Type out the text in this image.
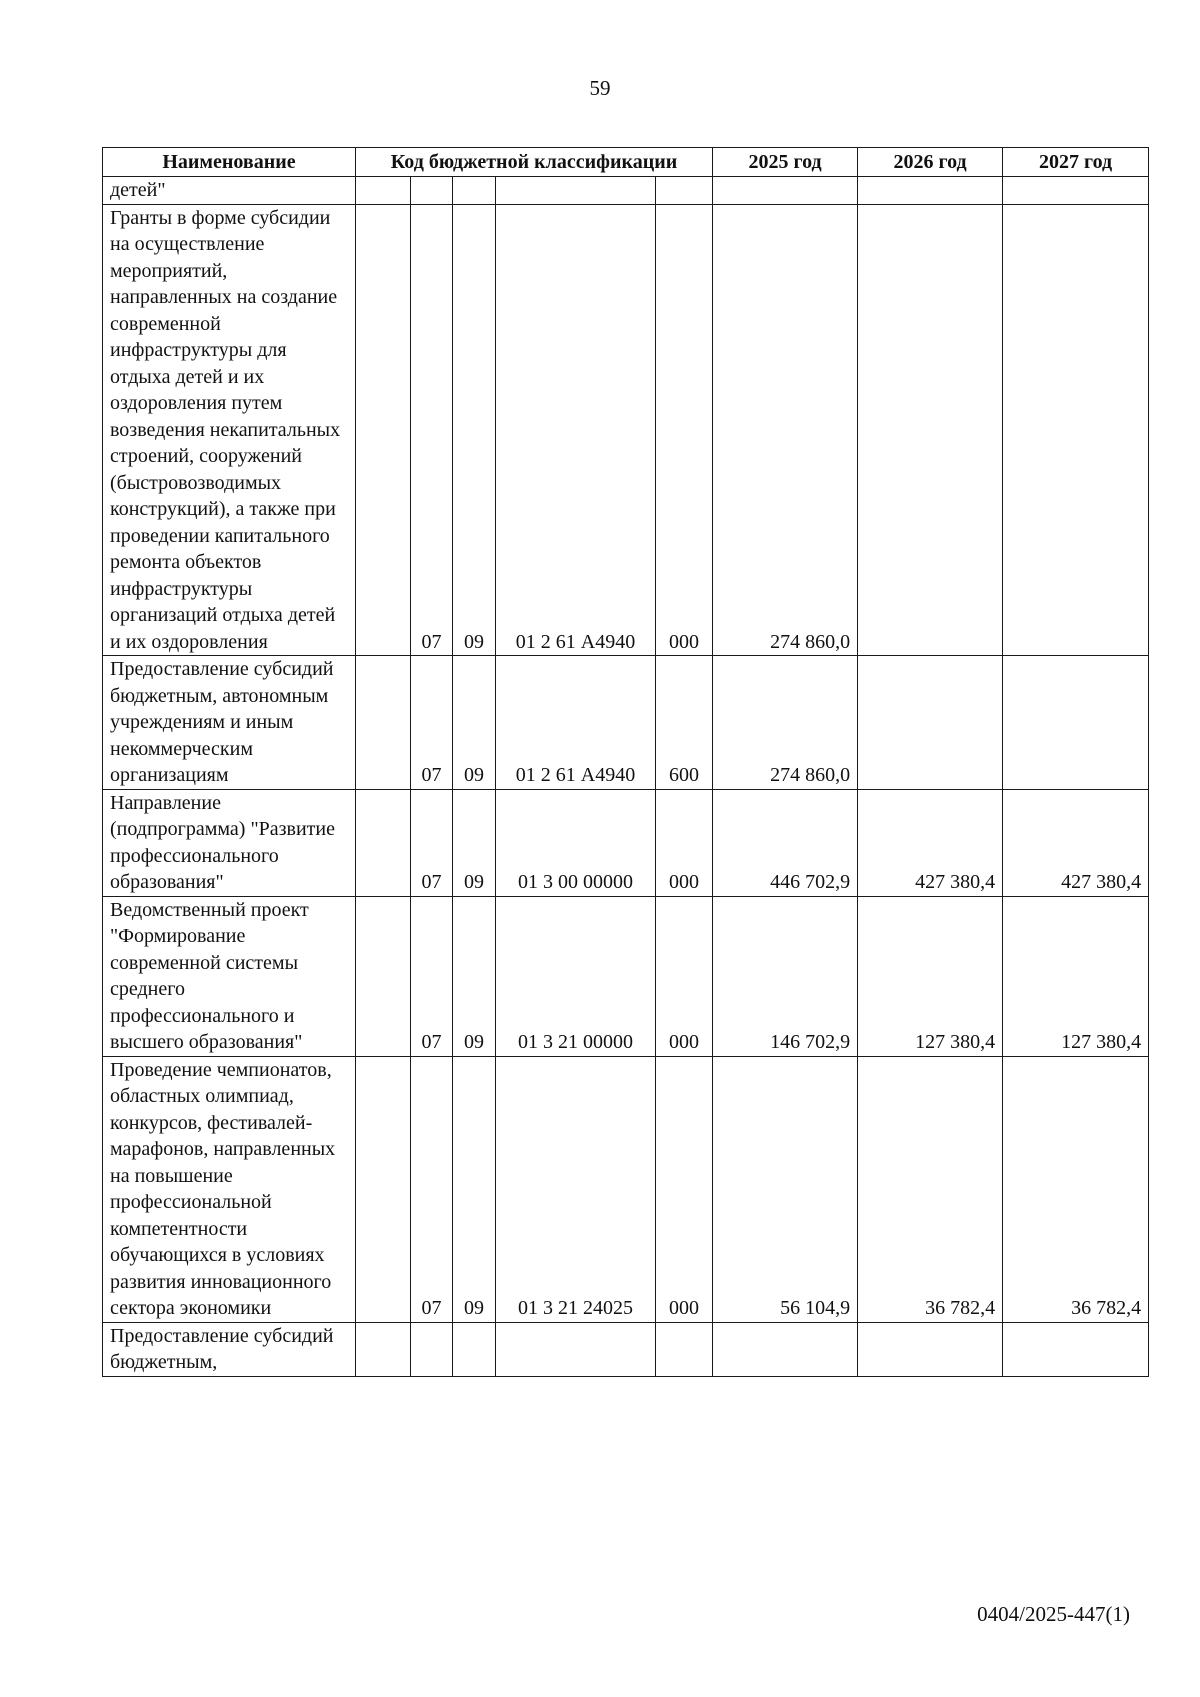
59
Наименование	Код бюджетной классификации					2025 год	2026 год	2027 год
детей"								
Гранты в форме субсидии на осуществление мероприятий, направленных на создание современной инфраструктуры для отдыха детей и их оздоровления путем возведения некапитальных строений, сооружений (быстровозводимых конструкций), а также при проведении капитального ремонта объектов инфраструктуры организаций отдыха детей и их оздоровления		07	09	01 2 61 А4940	000	274 860,0		
Предоставление субсидий бюджетным, автономным учреждениям и иным некоммерческим организациям		07	09	01 2 61 А4940	600	274 860,0		
Направление (подпрограмма) "Развитие профессионального образования"		07	09	01 3 00 00000	000	446 702,9	427 380,4	427 380,4
Ведомственный проект "Формирование современной системы среднего профессионального и высшего образования"		07	09	01 3 21 00000	000	146 702,9	127 380,4	127 380,4
Проведение чемпионатов, областных олимпиад, конкурсов, фестивалей-марафонов, направленных на повышение профессиональной компетентности обучающихся в условиях развития инновационного сектора экономики		07	09	01 3 21 24025	000	56 104,9	36 782,4	36 782,4
Предоставление субсидий бюджетным,								
0404/2025-447(1)
